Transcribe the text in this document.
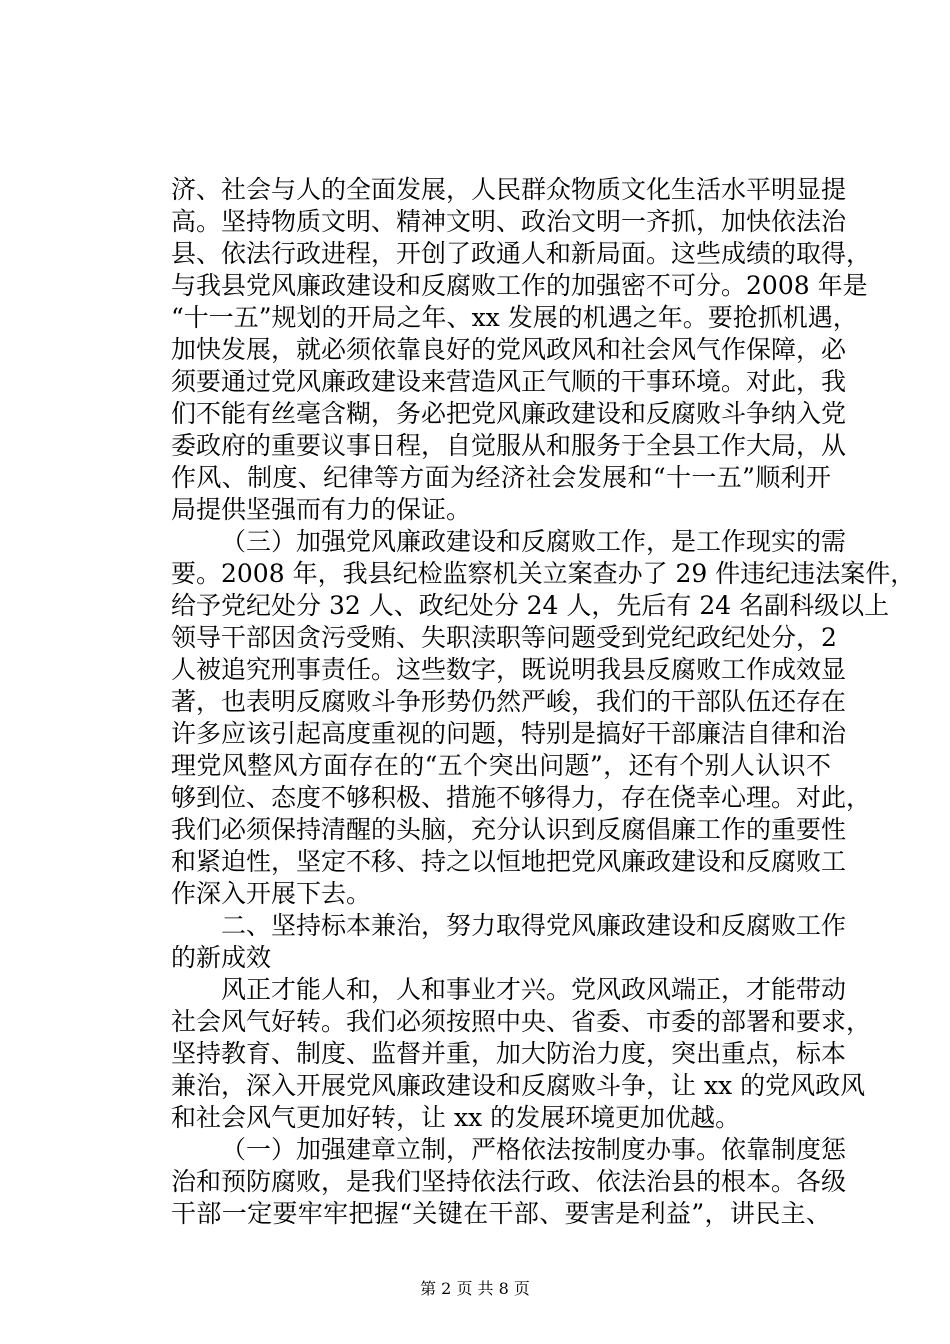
济、社会与人的全面发展，人民群众物质文化生活水平明显提
高。坚持物质文明、精神文明、政治文明一齐抓，加快依法治
县、依法行政进程，开创了政通人和新局面。这些成绩的取得，
与我县党风廉政建设和反腐败工作的加强密不可分。2008 年是
“十一五”规划的开局之年、xx 发展的机遇之年。要抢抓机遇，
加快发展，就必须依靠良好的党风政风和社会风气作保障，必
须要通过党风廉政建设来营造风正气顺的干事环境。对此，我
们不能有丝毫含糊，务必把党风廉政建设和反腐败斗争纳入党
委政府的重要议事日程，自觉服从和服务于全县工作大局，从
作风、制度、纪律等方面为经济社会发展和“十一五”顺利开
局提供坚强而有力的保证。
（三）加强党风廉政建设和反腐败工作，是工作现实的需
要。2008 年，我县纪检监察机关立案查办了 29 件违纪违法案件，
给予党纪处分 32 人、政纪处分 24 人，先后有 24 名副科级以上
领导干部因贪污受贿、失职渎职等问题受到党纪政纪处分，2
人被追究刑事责任。这些数字，既说明我县反腐败工作成效显
著，也表明反腐败斗争形势仍然严峻，我们的干部队伍还存在
许多应该引起高度重视的问题，特别是搞好干部廉洁自律和治
理党风整风方面存在的“五个突出问题”，还有个别人认识不
够到位、态度不够积极、措施不够得力，存在侥幸心理。对此，
我们必须保持清醒的头脑，充分认识到反腐倡廉工作的重要性
和紧迫性，坚定不移、持之以恒地把党风廉政建设和反腐败工
作深入开展下去。
二、坚持标本兼治，努力取得党风廉政建设和反腐败工作
的新成效
风正才能人和，人和事业才兴。党风政风端正，才能带动
社会风气好转。我们必须按照中央、省委、市委的部署和要求，
坚持教育、制度、监督并重，加大防治力度，突出重点，标本
兼治，深入开展党风廉政建设和反腐败斗争，让 xx 的党风政风
和社会风气更加好转，让 xx 的发展环境更加优越。
（一）加强建章立制，严格依法按制度办事。依靠制度惩
治和预防腐败，是我们坚持依法行政、依法治县的根本。各级
干部一定要牢牢把握“关键在干部、要害是利益”，讲民主、
第 2 页 共 8 页
